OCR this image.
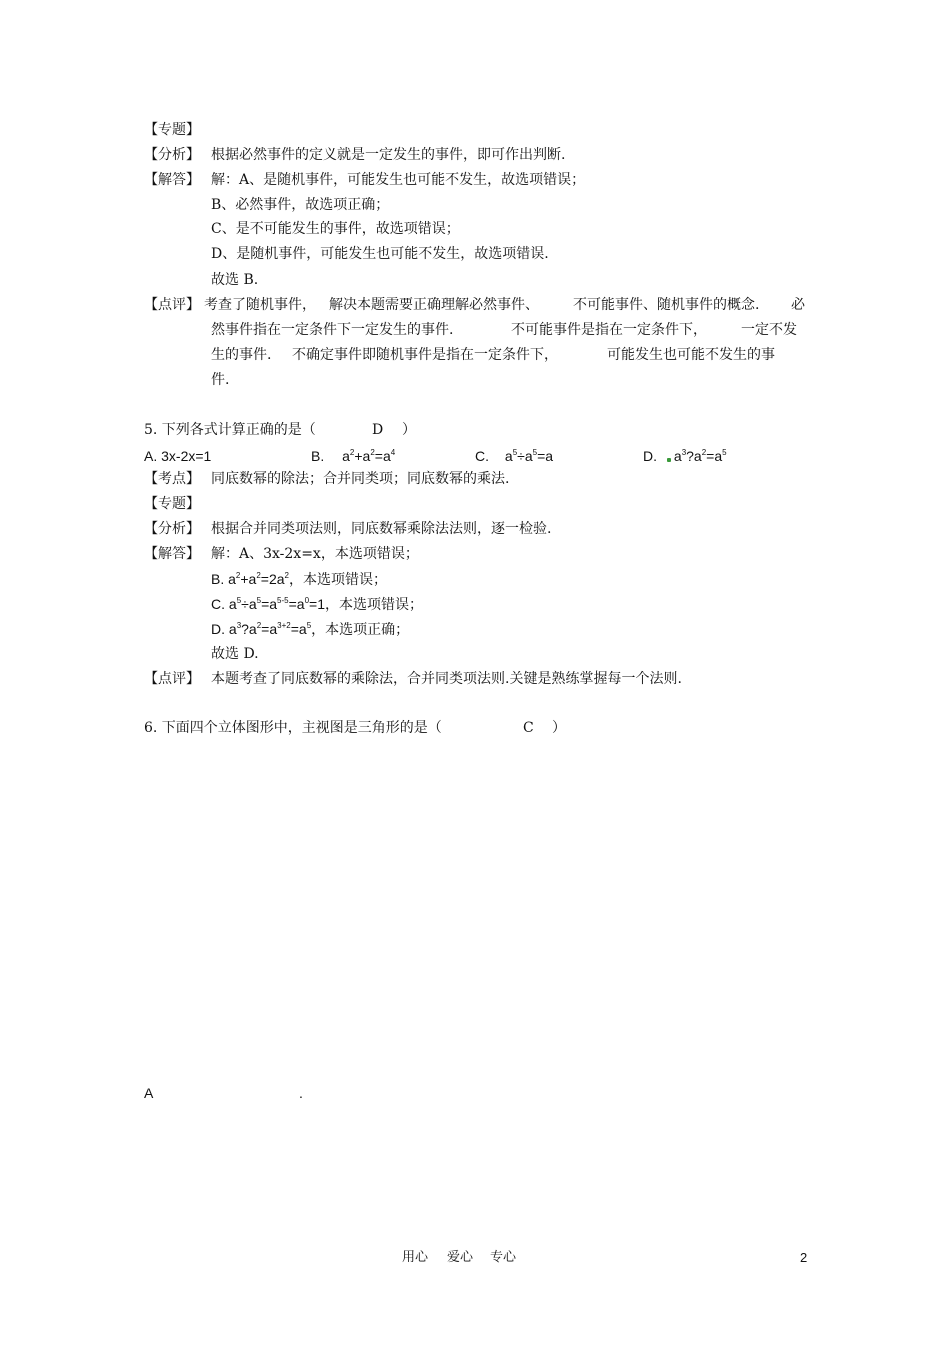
【专题】
【分析】 根据必然事件的定义就是一定发生的事件，即可作出判断.
【解答】 解：A、是随机事件，可能发生也可能不发生，故选项错误；
B、必然事件，故选项正确；
C、是不可能发生的事件，故选项错误；
D、是随机事件，可能发生也可能不发生，故选项错误.
故选 B.
【点评】 考查了随机事件， 解决本题需要正确理解必然事件、 不可能事件、随机事件的概念. 必
然事件指在一定条件下一定发生的事件.	不可能事件是指在一定条件下， 一定不发
生的事件. 不确定事件即随机事件是指在一定条件下，	可能发生也可能不发生的事
件.
5. 下列各式计算正确的是（	D ）
A. 3x-2x=1	B. $a^2+a^2=a^4$	C. $a^5\div a^5=a$	D. $a^3?a^2=a^5$
【考点】 同底数幂的除法；合并同类项；同底数幂的乘法.
【专题】
【分析】 根据合并同类项法则，同底数幂乘除法法则，逐一检验.
【解答】 解：A、3x-2x=x，本选项错误；
B. $a^2+a^2=2a^2$，本选项错误；
C. $a^5\div a^5=a^{5-5}=a^0=1$，本选项错误；
D. $a^3?a^2=a^{3+2}=a^5$，本选项正确；
故选 D.
【点评】 本题考查了同底数幂的乘除法，合并同类项法则.关键是熟练掌握每一个法则.
6. 下面四个立体图形中，主视图是三角形的是（	C ）
A	.
用心 爱心 专心	2
